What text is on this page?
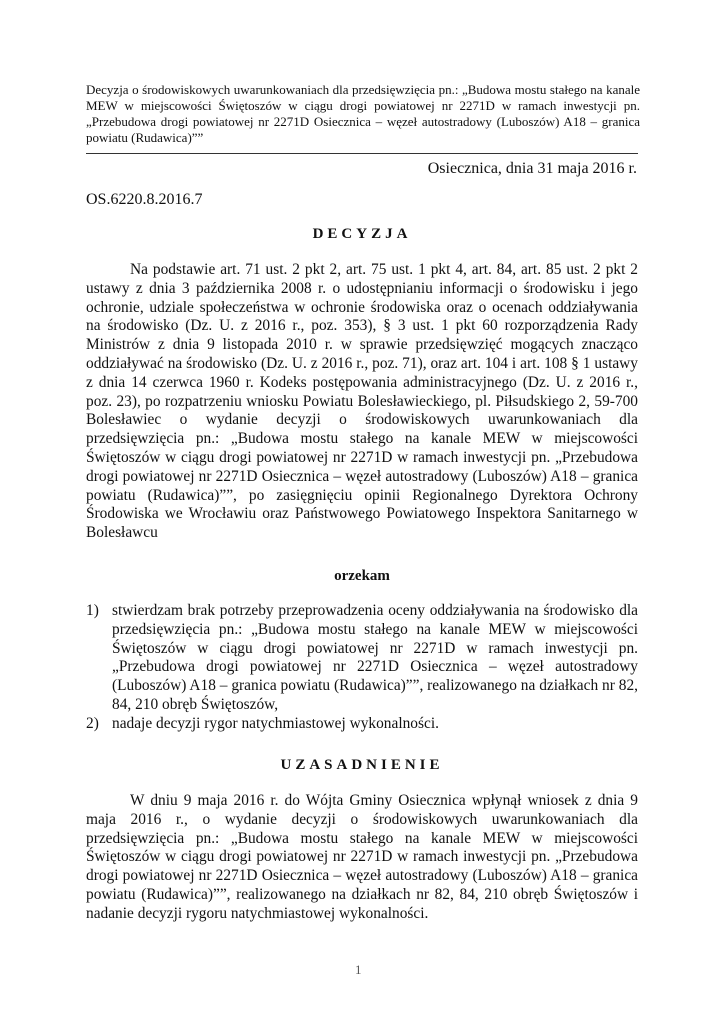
Decyzja o środowiskowych uwarunkowaniach dla przedsięwzięcia pn.: „Budowa mostu stałego na kanale MEW w miejscowości Świętoszów w ciągu drogi powiatowej nr 2271D w ramach inwestycji pn. „Przebudowa drogi powiatowej nr 2271D Osiecznica – węzeł autostradowy (Luboszów) A18 – granica powiatu (Rudawica)””
Osiecznica, dnia 31 maja 2016 r.
OS.6220.8.2016.7
DECYZJA
Na podstawie art. 71 ust. 2 pkt 2, art. 75 ust. 1 pkt 4, art. 84, art. 85 ust. 2 pkt 2 ustawy z dnia 3 października 2008 r. o udostępnianiu informacji o środowisku i jego ochronie, udziale społeczeństwa w ochronie środowiska oraz o ocenach oddziaływania na środowisko (Dz. U. z 2016 r., poz. 353), § 3 ust. 1 pkt 60 rozporządzenia Rady Ministrów z dnia 9 listopada 2010 r. w sprawie przedsięwzięć mogących znacząco oddziaływać na środowisko (Dz. U. z 2016 r., poz. 71), oraz art. 104 i art. 108 § 1 ustawy z dnia 14 czerwca 1960 r. Kodeks postępowania administracyjnego (Dz. U. z 2016 r., poz. 23), po rozpatrzeniu wniosku Powiatu Bolesławieckiego, pl. Piłsudskiego 2, 59-700 Bolesławiec o wydanie decyzji o środowiskowych uwarunkowaniach dla przedsięwzięcia pn.: „Budowa mostu stałego na kanale MEW w miejscowości Świętoszów w ciągu drogi powiatowej nr 2271D w ramach inwestycji pn. „Przebudowa drogi powiatowej nr 2271D Osiecznica – węzeł autostradowy (Luboszów) A18 – granica powiatu (Rudawica)””, po zasięgnięciu opinii Regionalnego Dyrektora Ochrony Środowiska we Wrocławiu oraz Państwowego Powiatowego Inspektora Sanitarnego w Bolesławcu
orzekam
1) stwierdzam brak potrzeby przeprowadzenia oceny oddziaływania na środowisko dla przedsięwzięcia pn.: „Budowa mostu stałego na kanale MEW w miejscowości Świętoszów w ciągu drogi powiatowej nr 2271D w ramach inwestycji pn. „Przebudowa drogi powiatowej nr 2271D Osiecznica – węzeł autostradowy (Luboszów) A18 – granica powiatu (Rudawica)””, realizowanego na działkach nr 82, 84, 210 obręb Świętoszów,
2) nadaje decyzji rygor natychmiastowej wykonalności.
UZASADNIENIE
W dniu 9 maja 2016 r. do Wójta Gminy Osiecznica wpłynął wniosek z dnia 9 maja 2016 r., o wydanie decyzji o środowiskowych uwarunkowaniach dla przedsięwzięcia pn.: „Budowa mostu stałego na kanale MEW w miejscowości Świętoszów w ciągu drogi powiatowej nr 2271D w ramach inwestycji pn. „Przebudowa drogi powiatowej nr 2271D Osiecznica – węzeł autostradowy (Luboszów) A18 – granica powiatu (Rudawica)””, realizowanego na działkach nr 82, 84, 210 obręb Świętoszów i nadanie decyzji rygoru natychmiastowej wykonalności.
1
